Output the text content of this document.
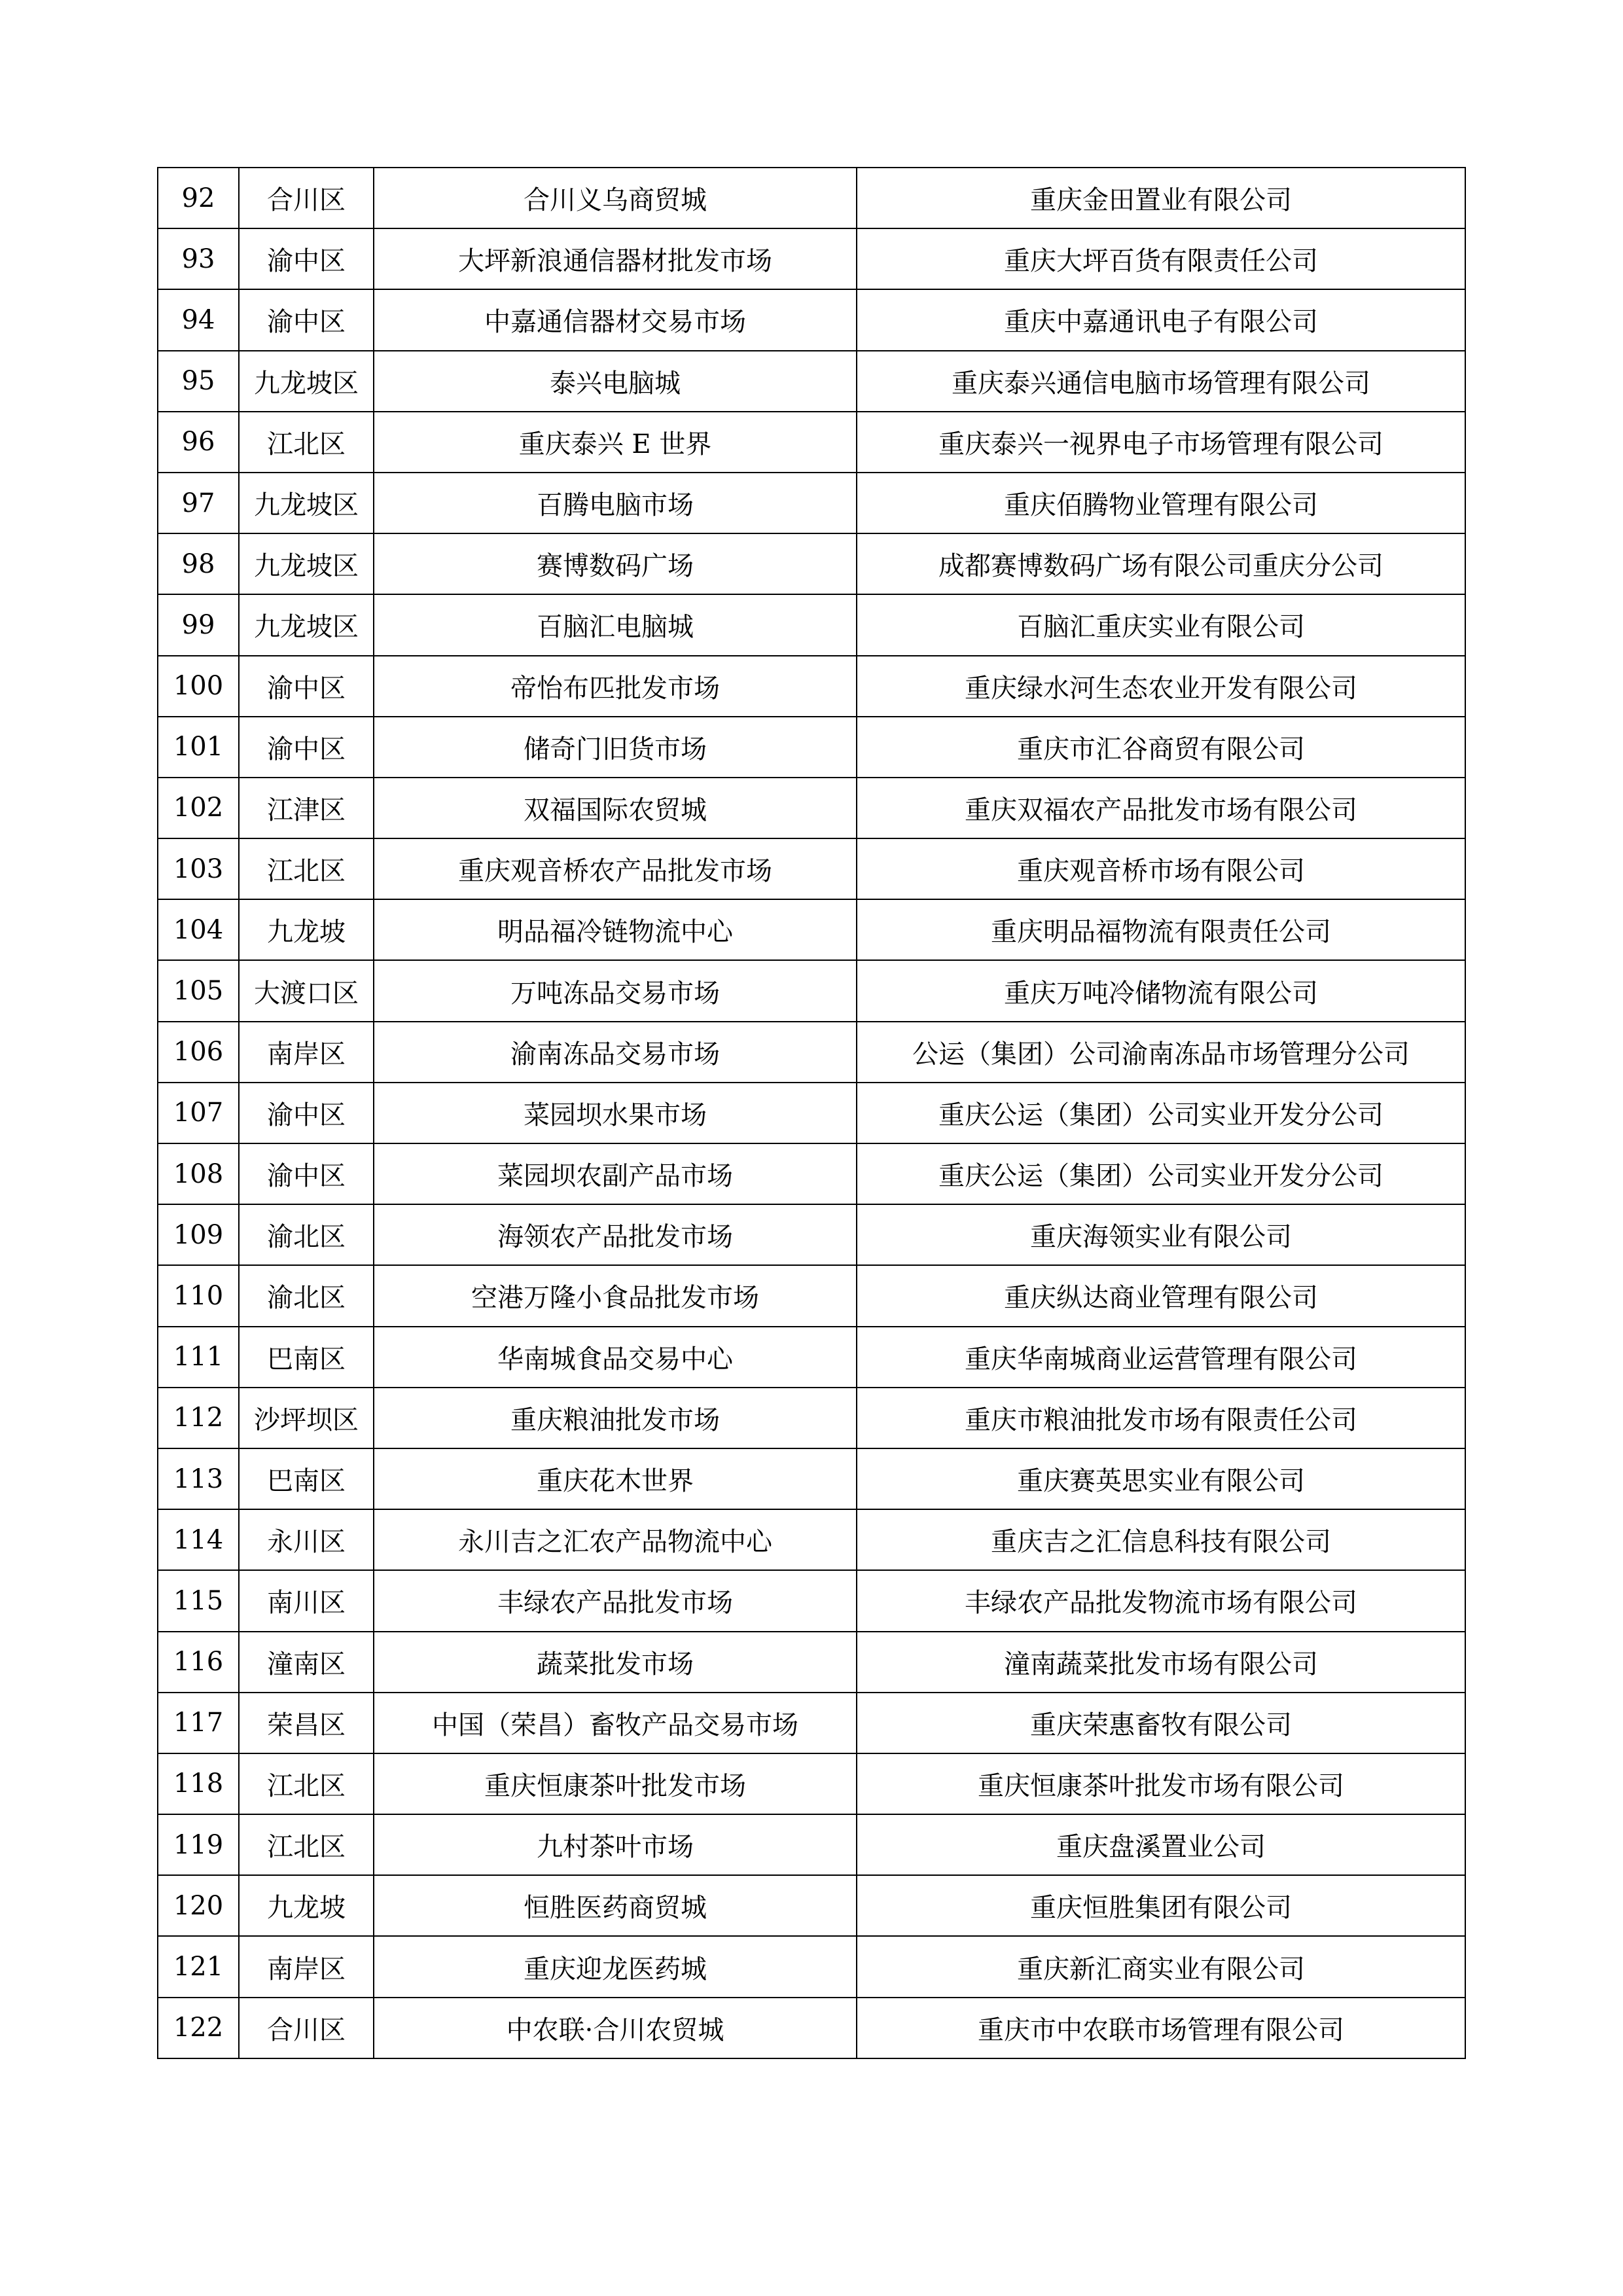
92	合川区	合川义乌商贸城	重庆金田置业有限公司
93	渝中区	大坪新浪通信器材批发市场	重庆大坪百货有限责任公司
94	渝中区	中嘉通信器材交易市场	重庆中嘉通讯电子有限公司
95	九龙坡区	泰兴电脑城	重庆泰兴通信电脑市场管理有限公司
96	江北区	重庆泰兴 E 世界	重庆泰兴一视界电子市场管理有限公司
97	九龙坡区	百腾电脑市场	重庆佰腾物业管理有限公司
98	九龙坡区	赛博数码广场	成都赛博数码广场有限公司重庆分公司
99	九龙坡区	百脑汇电脑城	百脑汇重庆实业有限公司
100	渝中区	帝怡布匹批发市场	重庆绿水河生态农业开发有限公司
101	渝中区	储奇门旧货市场	重庆市汇谷商贸有限公司
102	江津区	双福国际农贸城	重庆双福农产品批发市场有限公司
103	江北区	重庆观音桥农产品批发市场	重庆观音桥市场有限公司
104	九龙坡	明品福冷链物流中心	重庆明品福物流有限责任公司
105	大渡口区	万吨冻品交易市场	重庆万吨冷储物流有限公司
106	南岸区	渝南冻品交易市场	公运（集团）公司渝南冻品市场管理分公司
107	渝中区	菜园坝水果市场	重庆公运（集团）公司实业开发分公司
108	渝中区	菜园坝农副产品市场	重庆公运（集团）公司实业开发分公司
109	渝北区	海领农产品批发市场	重庆海领实业有限公司
110	渝北区	空港万隆小食品批发市场	重庆纵达商业管理有限公司
111	巴南区	华南城食品交易中心	重庆华南城商业运营管理有限公司
112	沙坪坝区	重庆粮油批发市场	重庆市粮油批发市场有限责任公司
113	巴南区	重庆花木世界	重庆赛英思实业有限公司
114	永川区	永川吉之汇农产品物流中心	重庆吉之汇信息科技有限公司
115	南川区	丰绿农产品批发市场	丰绿农产品批发物流市场有限公司
116	潼南区	蔬菜批发市场	潼南蔬菜批发市场有限公司
117	荣昌区	中国（荣昌）畜牧产品交易市场	重庆荣惠畜牧有限公司
118	江北区	重庆恒康茶叶批发市场	重庆恒康茶叶批发市场有限公司
119	江北区	九村茶叶市场	重庆盘溪置业公司
120	九龙坡	恒胜医药商贸城	重庆恒胜集团有限公司
121	南岸区	重庆迎龙医药城	重庆新汇商实业有限公司
122	合川区	中农联·合川农贸城	重庆市中农联市场管理有限公司
